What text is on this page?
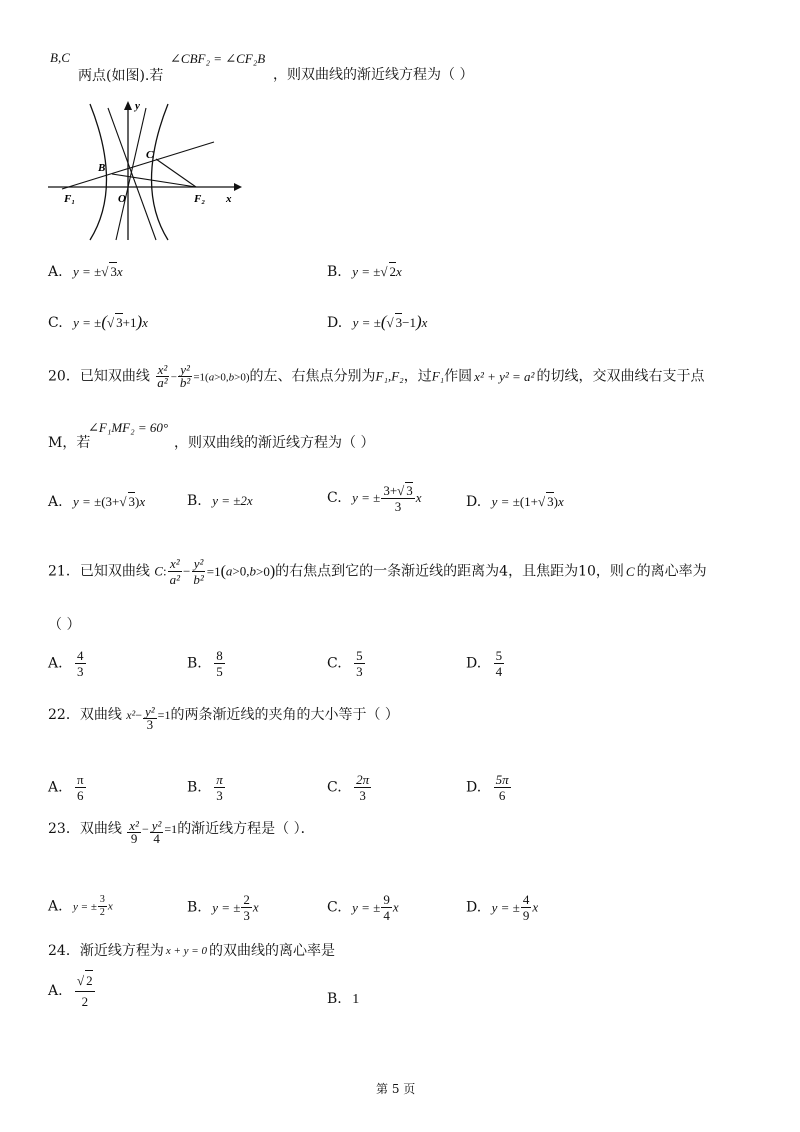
B,C
两点(如图).若
∠CBF₂ = ∠CF₂B
，则双曲线的渐近线方程为（ ）
y
C
B
F₁	O	F₂ x
A. y = ±√ 3x	B. y = ±√ 2x
C. y = ±(√ 3+1)x	D. y = ±(√ 3−1)x
20．已知双曲线 $\frac{\text{x²}}{\text{a²}} - \frac{\text{y²}}{\text{b²}} =1(a>0,b>0)$的左、右焦点分别为F₁,F₂，过F₁作圆 x² + y² = a² 的切线，交双曲线右支于点
M，若
∠F₁MF₂ = 60°
，则双曲线的渐近线方程为（ ）
A. y = ±(3+√ 3)x	B. y = ±2x	C. y = ± $\frac{3+√ 3}{3}$ x	D. y = ±(1+√ 3)x
21．已知双曲线 C: $\frac{\text{x²}}{\text{a²}} - \frac{\text{y²}}{\text{b²}} =1(a>0,b>0)$的右焦点到它的一条渐近线的距离为4，且焦距为10，则 C 的离心率为
（ ）
A. $\frac{4}{3}$	B. $\frac{8}{5}$	C. $\frac{5}{3}$	D. $\frac{5}{4}$
22．双曲线 $x^2- \frac{\text{y²}}{3} =1$的两条渐近线的夹角的大小等于（ ）
A. $\frac{\pi}{6}$	B. $\frac{\pi}{3}$	C. $\frac{2\pi}{3}$	D. $\frac{5\pi}{6}$
23．双曲线 $\frac{\text{x²}}{9} - \frac{\text{y²}}{4} =1$的渐近线方程是（ ）．
A. y = ± $\frac{3}{2}$ x	B. y = ± $\frac{2}{3}$ x	C. y = ± $\frac{9}{4}$ x	D. y = ± $\frac{4}{9}$ x
24．渐近线方程为 $^{x + y = 0}$ 的双曲线的离心率是
A. $\frac{√ 2}{2}$	B. 1
第 5 页
